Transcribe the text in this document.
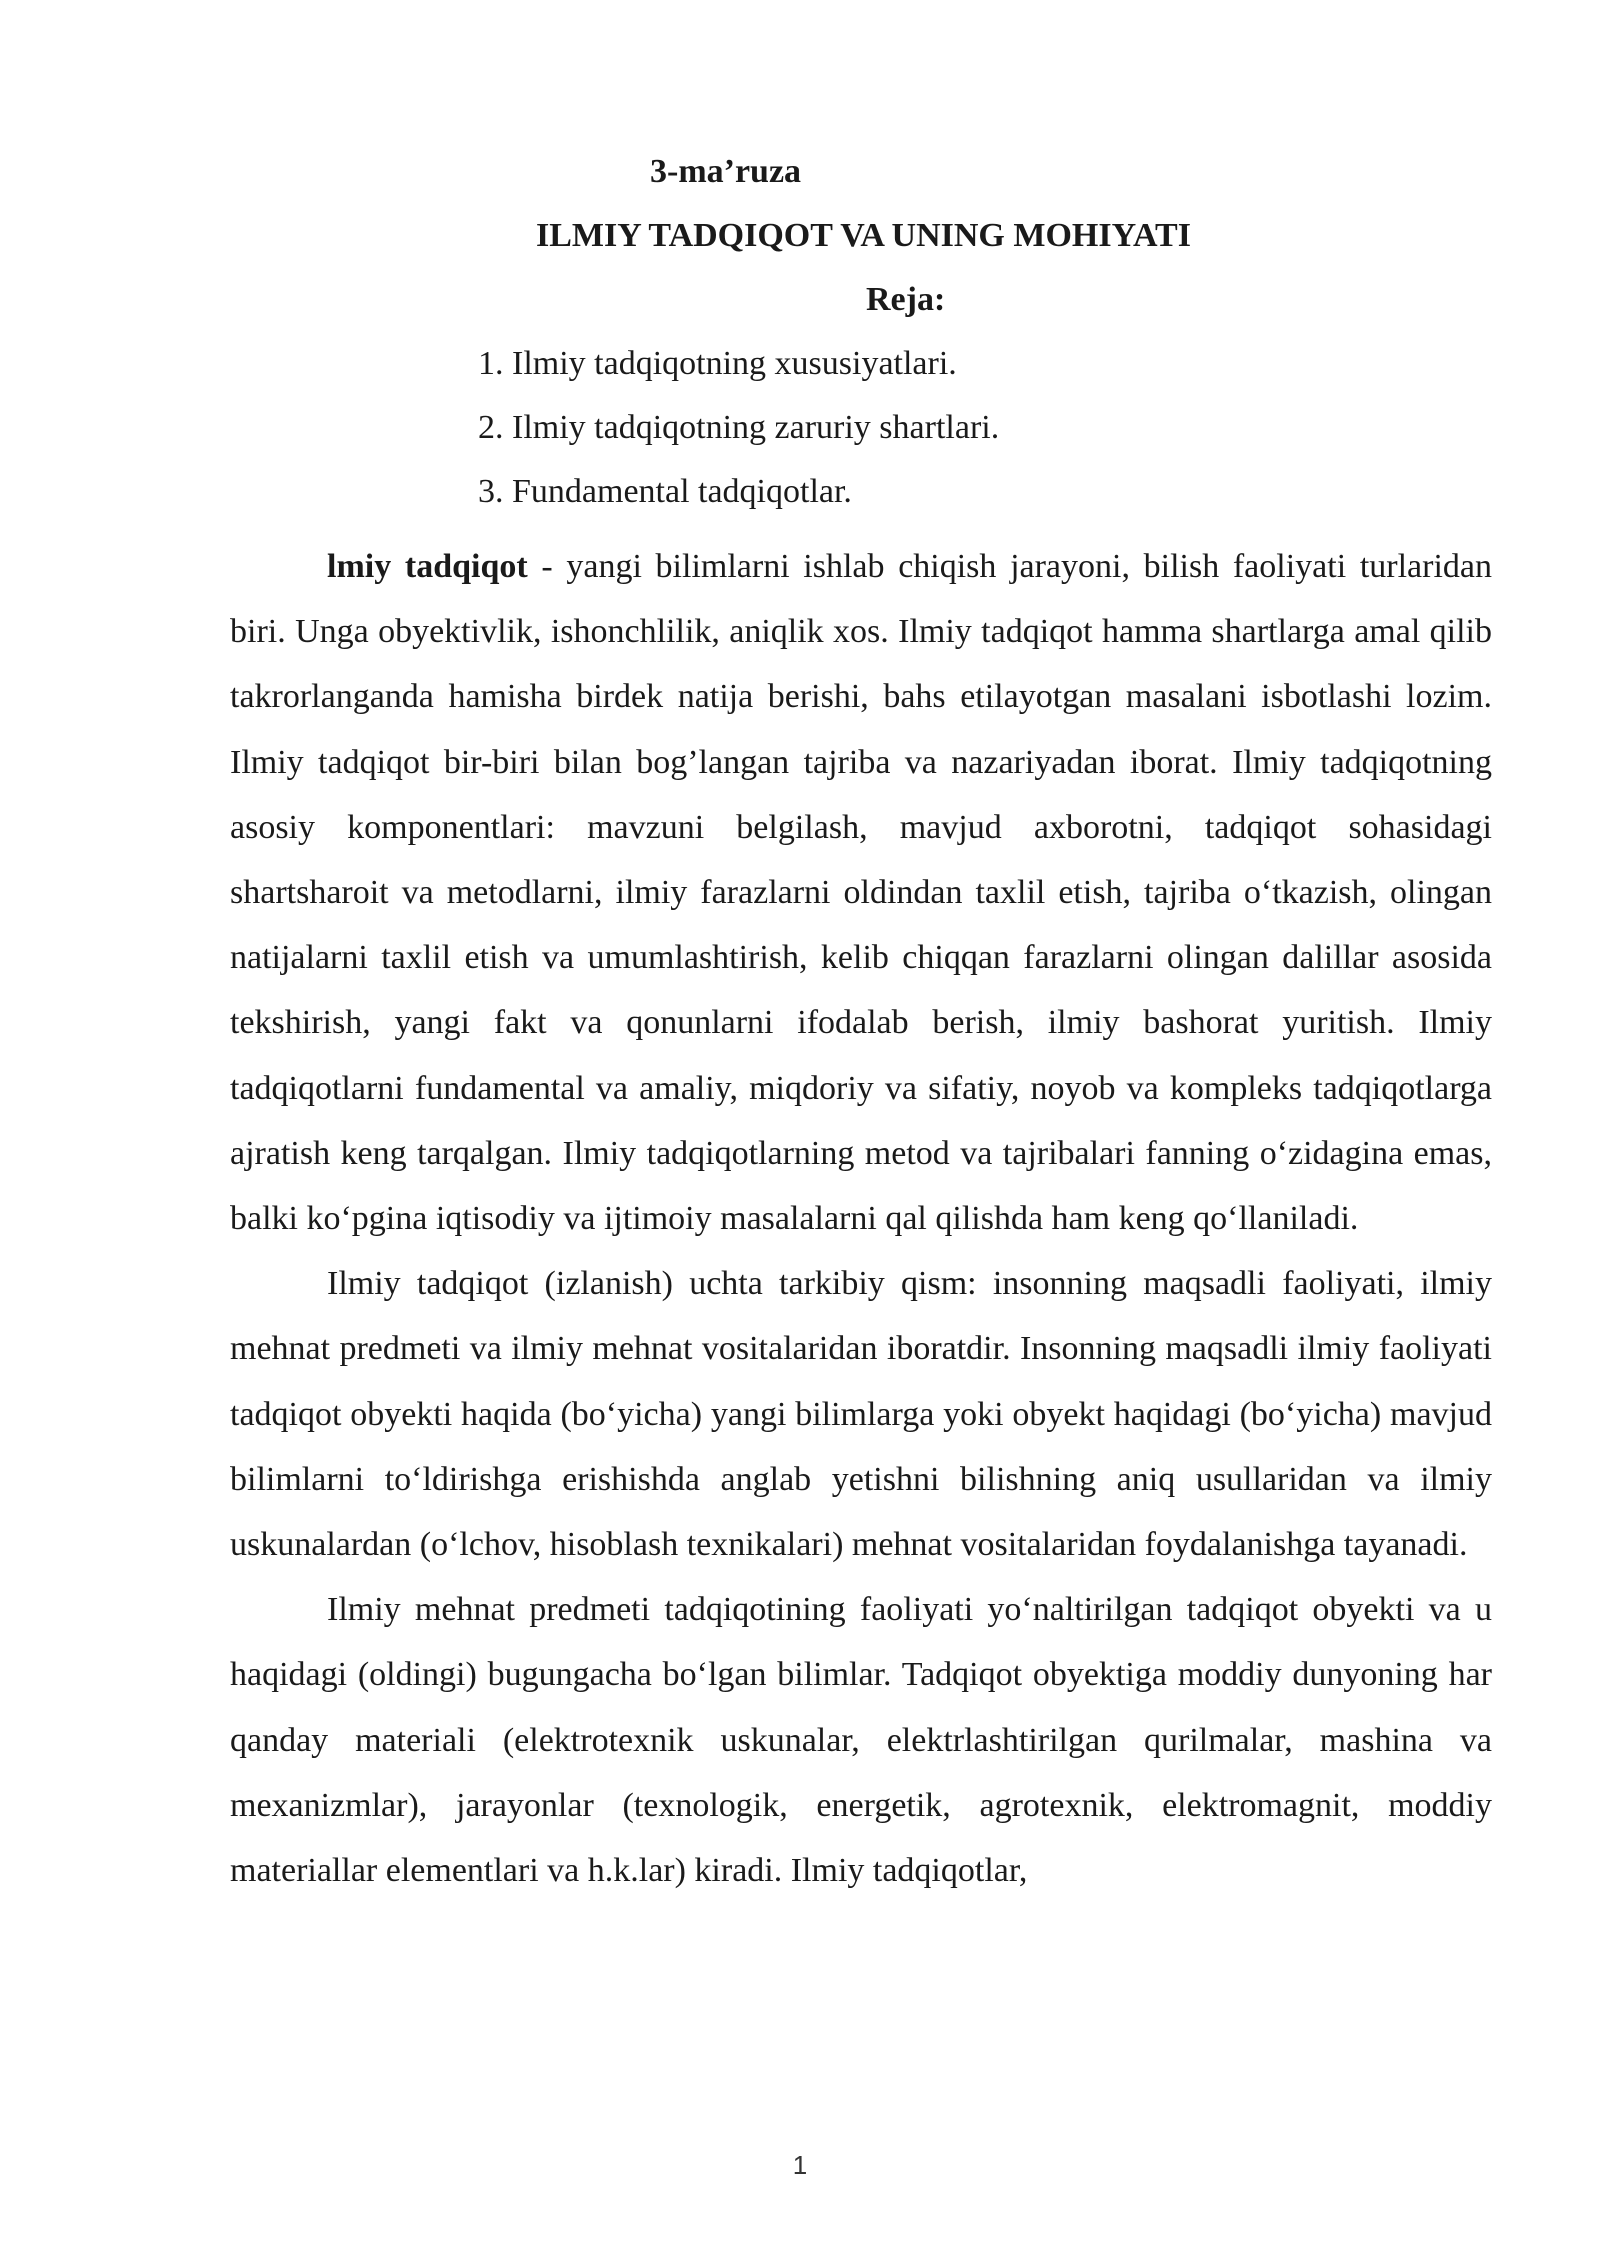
3-ma’ruza
ILMIY TADQIQOT VA UNING MOHIYATI
Reja:
1. Ilmiy tadqiqotning xususiyatlari.
2. Ilmiy tadqiqotning zaruriy shartlari.
3. Fundamental tadqiqotlar.

lmiy tadqiqot - yangi bilimlarni ishlab chiqish jarayoni, bilish faoliyati turlaridan biri. Unga obyektivlik, ishonchlilik, aniqlik xos. Ilmiy tadqiqot hamma shartlarga amal qilib takrorlanganda hamisha birdek natija berishi, bahs etilayotgan masalani isbotlashi lozim. Ilmiy tadqiqot bir-biri bilan bog’langan tajriba va nazariyadan iborat. Ilmiy tadqiqotning asosiy komponentlari: mavzuni belgilash, mavjud axborotni, tadqiqot sohasidagi shartsharoit va metodlarni, ilmiy farazlarni oldindan taxlil etish, tajriba o‘tkazish, olingan natijalarni taxlil etish va umumlashtirish, kelib chiqqan farazlarni olingan dalillar asosida tekshirish, yangi fakt va qonunlarni ifodalab berish, ilmiy bashorat yuritish. Ilmiy tadqiqotlarni fundamental va amaliy, miqdoriy va sifatiy, noyob va kompleks tadqiqotlarga ajratish keng tarqalgan. Ilmiy tadqiqotlarning metod va tajribalari fanning o‘zidagina emas, balki ko‘pgina iqtisodiy va ijtimoiy masalalarni qal qilishda ham keng qo‘llaniladi.

Ilmiy tadqiqot (izlanish) uchta tarkibiy qism: insonning maqsadli faoliyati, ilmiy mehnat predmeti va ilmiy mehnat vositalaridan iboratdir. Insonning maqsadli ilmiy faoliyati tadqiqot obyekti haqida (bo‘yicha) yangi bilimlarga yoki obyekt haqidagi (bo‘yicha) mavjud bilimlarni to‘ldirishga erishishda anglab yetishni bilishning aniq usullaridan va ilmiy uskunalardan (o‘lchov, hisoblash texnikalari) mehnat vositalaridan foydalanishga tayanadi.

Ilmiy mehnat predmeti tadqiqotining faoliyati yo‘naltirilgan tadqiqot obyekti va u haqidagi (oldingi) bugungacha bo‘lgan bilimlar. Tadqiqot obyektiga moddiy dunyoning har qanday materiali (elektrotexnik uskunalar, elektrlashtirilgan qurilmalar, mashina va mexanizmlar), jarayonlar (texnologik, energetik, agrotexnik, elektromagnit, moddiy materiallar elementlari va h.k.lar) kiradi. Ilmiy tadqiqotlar,

1
